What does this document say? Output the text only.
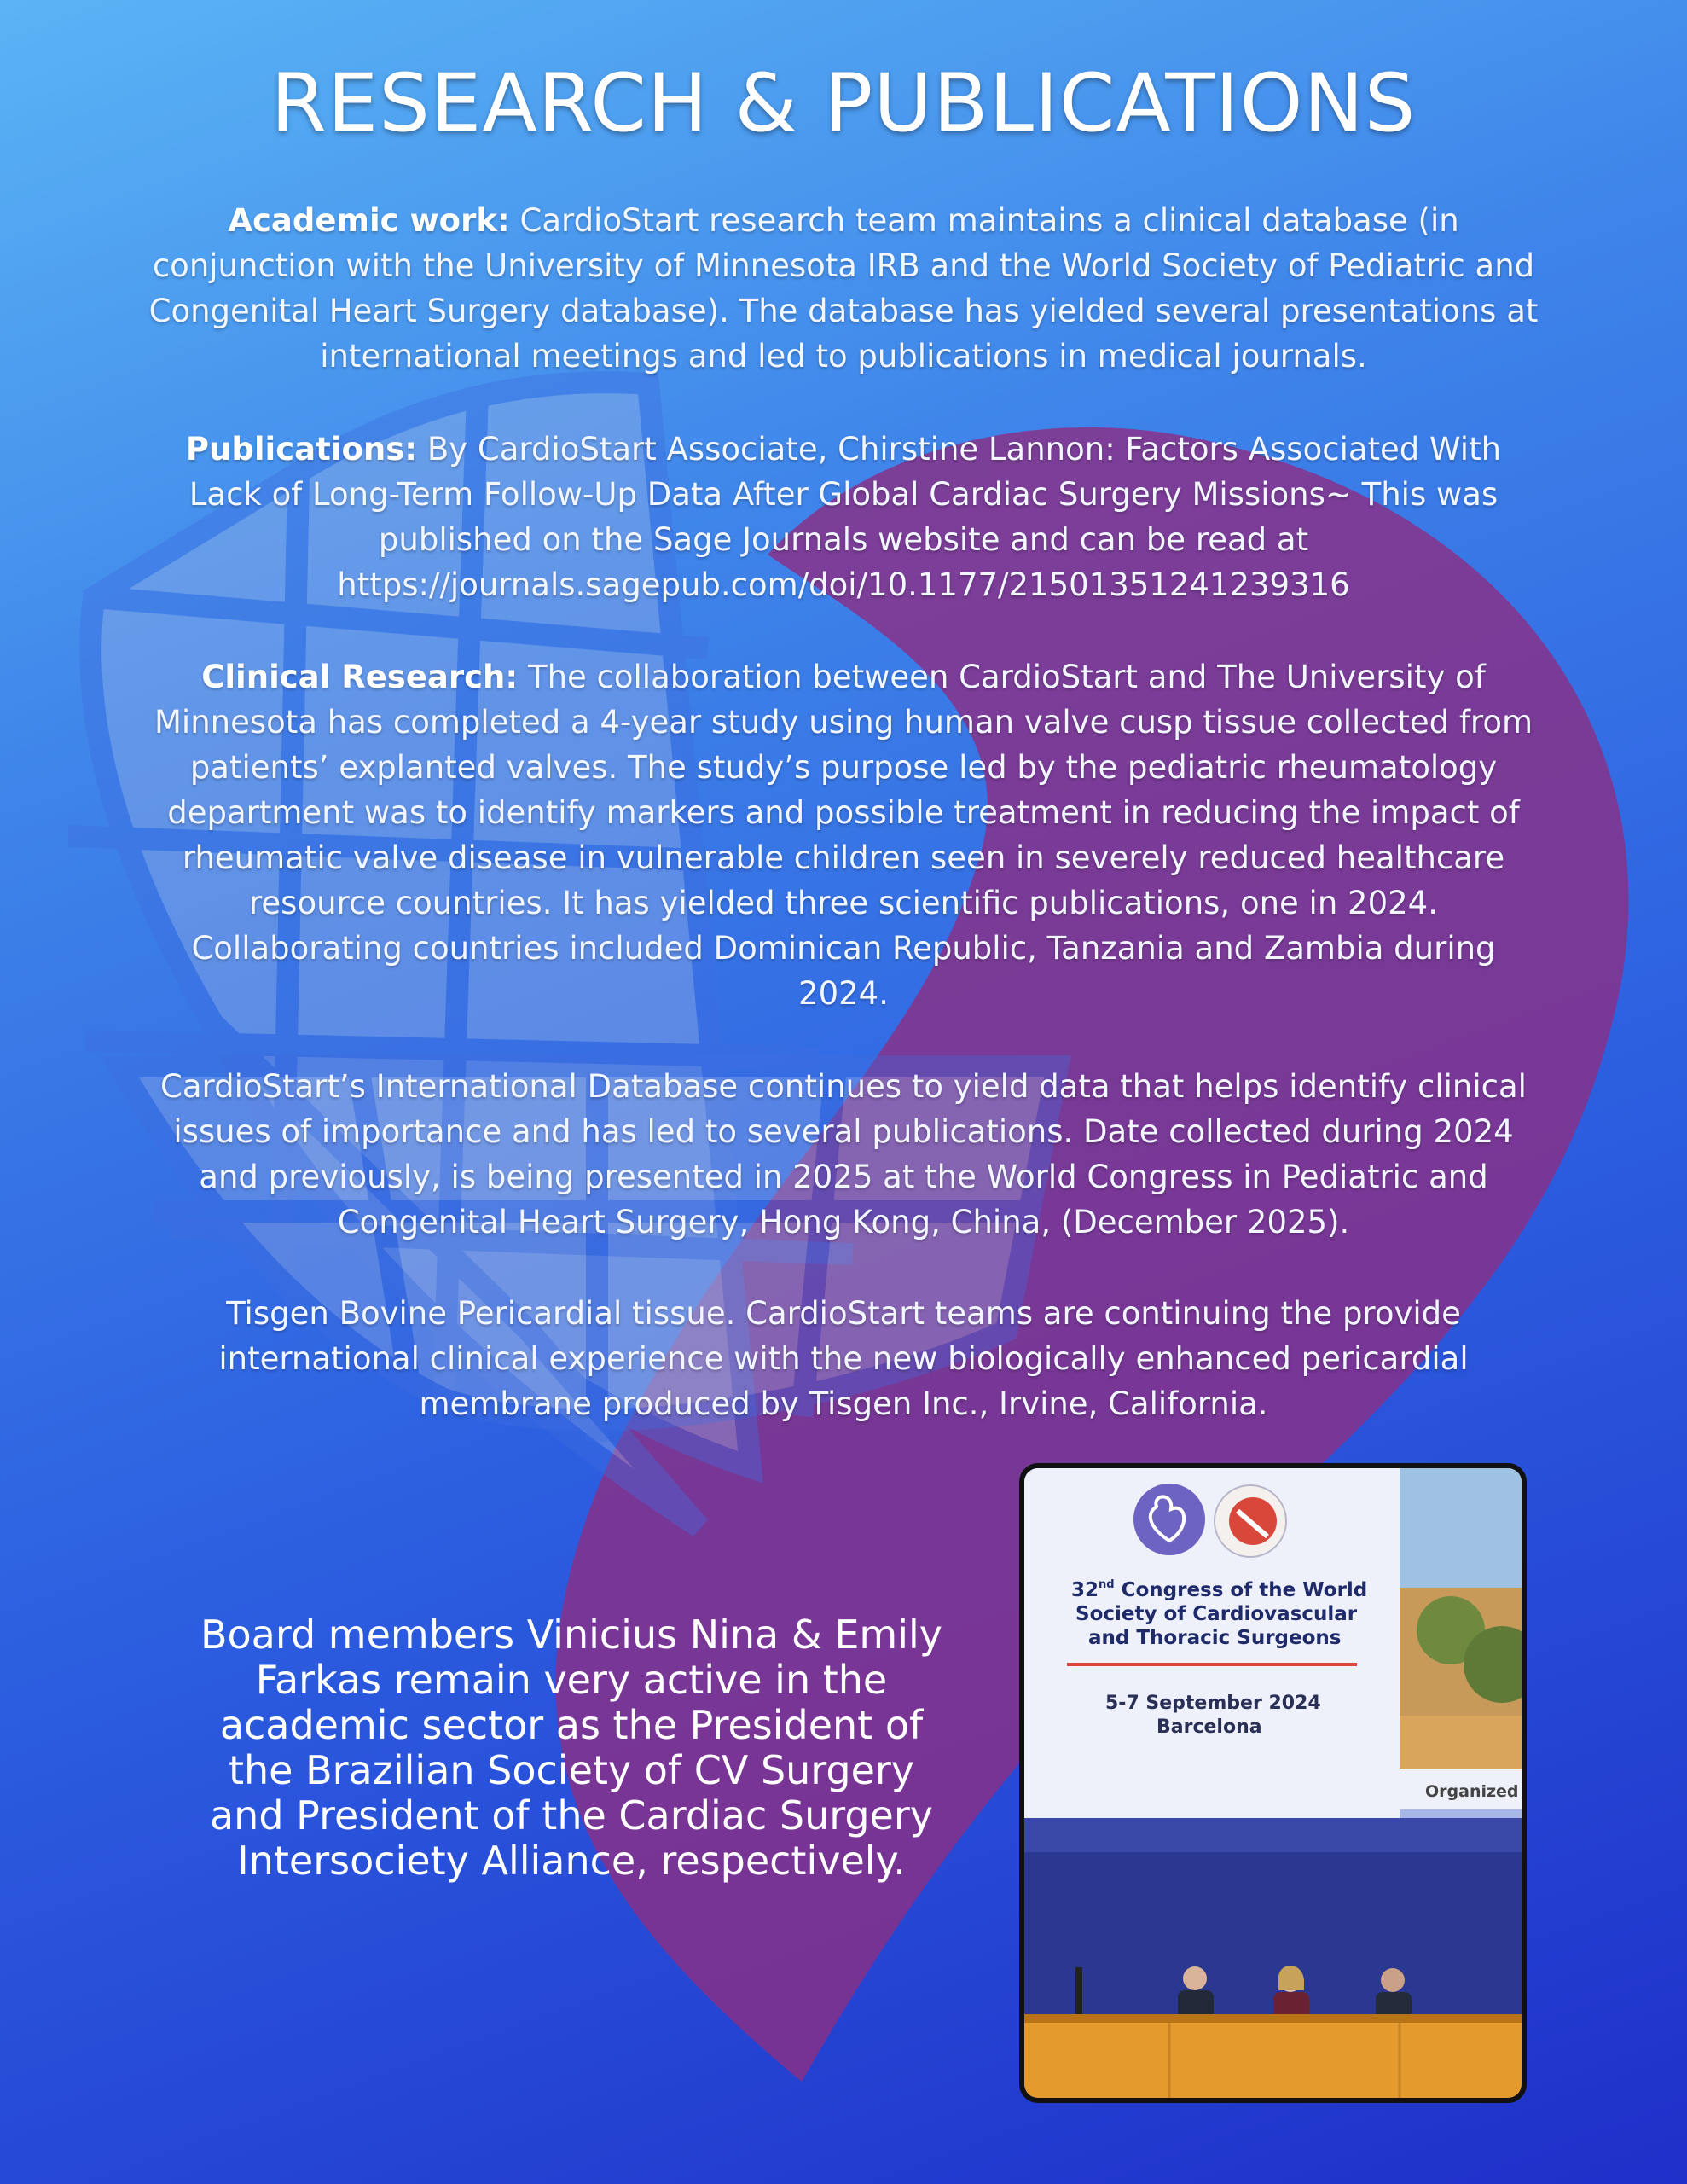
RESEARCH & PUBLICATIONS
Academic work: CardioStart research team maintains a clinical database (in conjunction with the University of Minnesota IRB and the World Society of Pediatric and Congenital Heart Surgery database). The database has yielded several presentations at international meetings and led to publications in medical journals.
Publications: By CardioStart Associate, Chirstine Lannon: Factors Associated With Lack of Long-Term Follow-Up Data After Global Cardiac Surgery Missions~ This was published on the Sage Journals website and can be read at https://journals.sagepub.com/doi/10.1177/21501351241239316
Clinical Research: The collaboration between CardioStart and The University of Minnesota has completed a 4-year study using human valve cusp tissue collected from patients’ explanted valves. The study’s purpose led by the pediatric rheumatology department was to identify markers and possible treatment in reducing the impact of rheumatic valve disease in vulnerable children seen in severely reduced healthcare resource countries. It has yielded three scientific publications, one in 2024. Collaborating countries included Dominican Republic, Tanzania and Zambia during 2024.
CardioStart’s International Database continues to yield data that helps identify clinical issues of importance and has led to several publications. Date collected during 2024 and previously, is being presented in 2025 at the World Congress in Pediatric and Congenital Heart Surgery, Hong Kong, China, (December 2025).
Tisgen Bovine Pericardial tissue. CardioStart teams are continuing the provide international clinical experience with the new biologically enhanced pericardial membrane produced by Tisgen Inc., Irvine, California.
Board members Vinicius Nina & Emily Farkas remain very active in the academic sector as the President of the Brazilian Society of CV Surgery and President of the Cardiac Surgery Intersociety Alliance, respectively.
Organized
32nd Congress of the World
Society of Cardiovascular
and Thoracic Surgeons
5-7 September 2024
Barcelona
